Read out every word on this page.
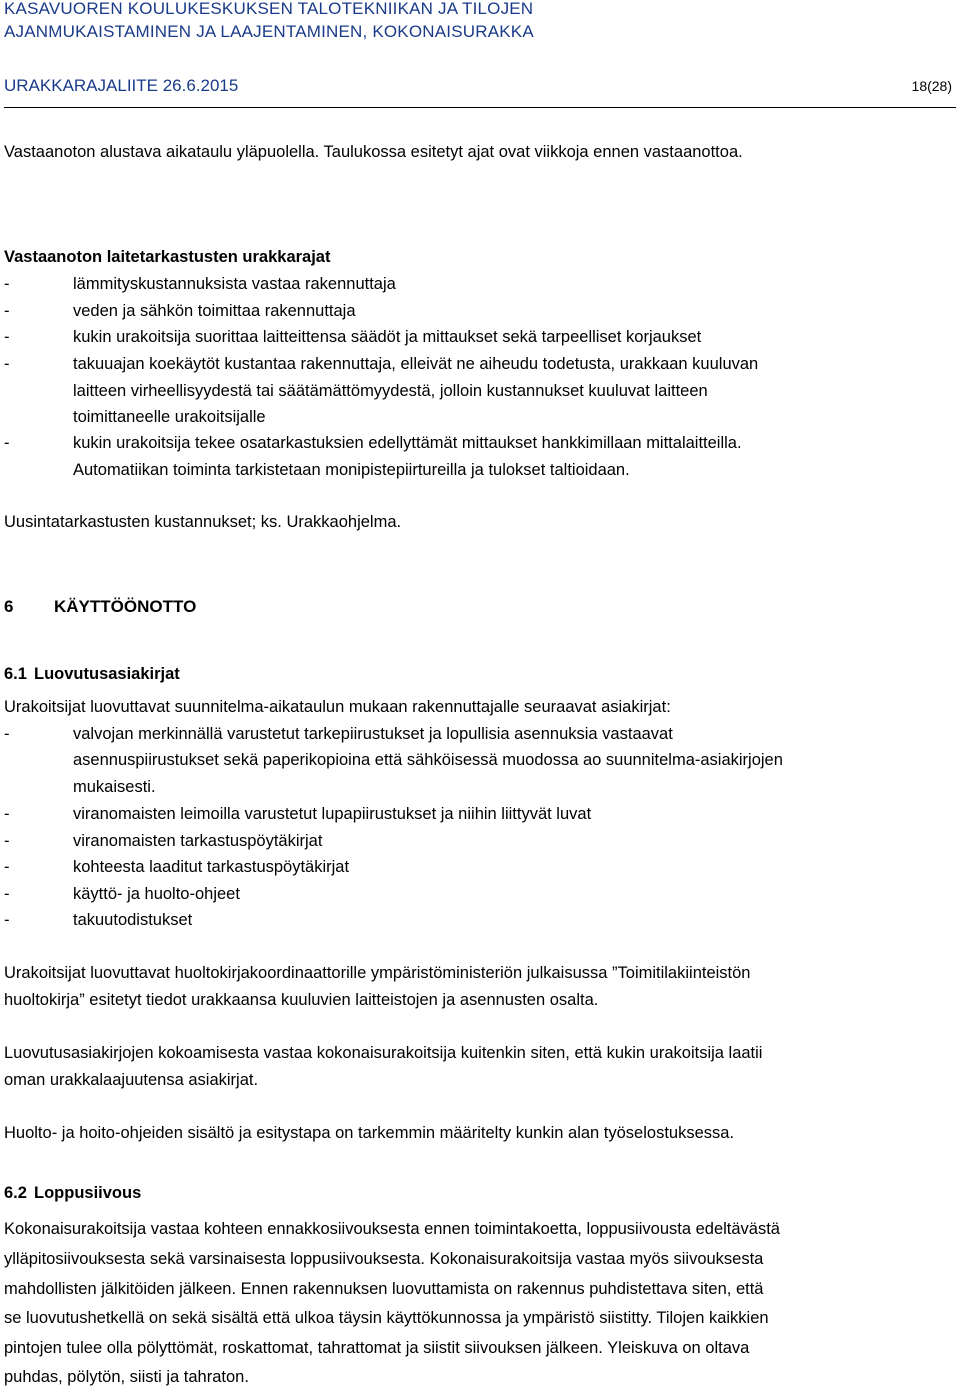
KASAVUOREN KOULUKESKUKSEN TALOTEKNIIKAN JA TILOJEN
AJANMUKAISTAMINEN JA LAAJENTAMINEN, KOKONAISURAKKA
URAKKARAJALIITE 26.6.2015	18(28)
Vastaanoton alustava aikataulu yläpuolella. Taulukossa esitetyt ajat ovat viikkoja ennen vastaanottoa.
Vastaanoton laitetarkastusten urakkarajat
-	lämmityskustannuksista vastaa rakennuttaja
-	veden ja sähkön toimittaa rakennuttaja
-	kukin urakoitsija suorittaa laitteittensa säädöt ja mittaukset sekä tarpeelliset korjaukset
-	takuuajan koekäytöt kustantaa rakennuttaja, elleivät ne aiheudu todetusta, urakkaan kuuluvan
laitteen virheellisyydestä tai säätämättömyydestä, jolloin kustannukset kuuluvat laitteen
toimittaneelle urakoitsijalle
-	kukin urakoitsija tekee osatarkastuksien edellyttämät mittaukset hankkimillaan mittalaitteilla.
Automatiikan toiminta tarkistetaan monipistepiirtureilla ja tulokset taltioidaan.
Uusintatarkastusten kustannukset; ks. Urakkaohjelma.
6 KÄYTTÖÖNOTTO
6.1 Luovutusasiakirjat
Urakoitsijat luovuttavat suunnitelma-aikataulun mukaan rakennuttajalle seuraavat asiakirjat:
-	valvojan merkinnällä varustetut tarkepiirustukset ja lopullisia asennuksia vastaavat
asennuspiirustukset sekä paperikopioina että sähköisessä muodossa ao suunnitelma-asiakirjojen
mukaisesti.
-	viranomaisten leimoilla varustetut lupapiirustukset ja niihin liittyvät luvat
-	viranomaisten tarkastuspöytäkirjat
-	kohteesta laaditut tarkastuspöytäkirjat
-	käyttö- ja huolto-ohjeet
-	takuutodistukset
Urakoitsijat luovuttavat huoltokirjakoordinaattorille ympäristöministeriön julkaisussa ”Toimitilakiinteistön
huoltokirja” esitetyt tiedot urakkaansa kuuluvien laitteistojen ja asennusten osalta.
Luovutusasiakirjojen kokoamisesta vastaa kokonaisurakoitsija kuitenkin siten, että kukin urakoitsija laatii
oman urakkalaajuutensa asiakirjat.
Huolto- ja hoito-ohjeiden sisältö ja esitystapa on tarkemmin määritelty kunkin alan työselostuksessa.
6.2 Loppusiivous
Kokonaisurakoitsija vastaa kohteen ennakkosiivouksesta ennen toimintakoetta, loppusiivousta edeltävästä
ylläpitosiivouksesta sekä varsinaisesta loppusiivouksesta. Kokonaisurakoitsija vastaa myös siivouksesta
mahdollisten jälkitöiden jälkeen. Ennen rakennuksen luovuttamista on rakennus puhdistettava siten, että
se luovutushetkellä on sekä sisältä että ulkoa täysin käyttökunnossa ja ympäristö siistitty. Tilojen kaikkien
pintojen tulee olla pölyttömät, roskattomat, tahrattomat ja siistit siivouksen jälkeen. Yleiskuva on oltava
puhdas, pölytön, siisti ja tahraton.
